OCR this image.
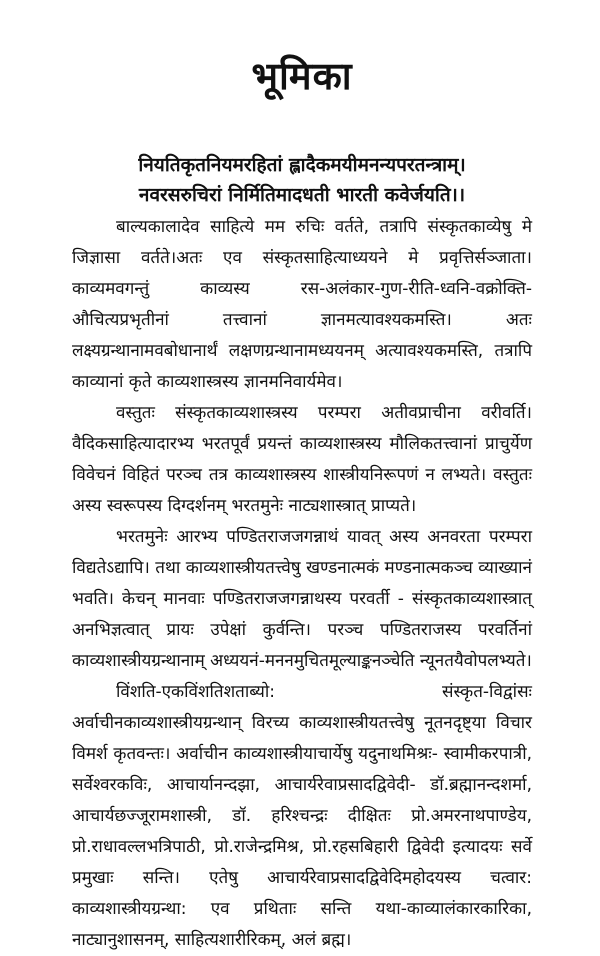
भूमिका
नियतिकृतनियमरहितां ह्लादैकमयीमनन्यपरतन्त्राम्।
नवरसरुचिरां निर्मितिमादधती भारती कवेर्जयति।।

बाल्यकालादेव साहित्ये मम रुचिः वर्तते, तत्रापि संस्कृतकाव्येषु मे जिज्ञासा वर्तते।अतः एव संस्कृतसाहित्याध्ययने मे प्रवृत्तिर्सञ्जाता। काव्यमवगन्तुं काव्यस्य रस-अलंकार-गुण-रीति-ध्वनि-वक्रोक्ति-औचित्यप्रभृतीनां तत्त्वानां ज्ञानमत्यावश्यकमस्ति। अतः लक्ष्यग्रन्थानामवबोधानार्थं लक्षणग्रन्थानामध्ययनम् अत्यावश्यकमस्ति, तत्रापि काव्यानां कृते काव्यशास्त्रस्य ज्ञानमनिवार्यमेव।

वस्तुतः संस्कृतकाव्यशास्त्रस्य परम्परा अतीवप्राचीना वरीवर्ति। वैदिकसाहित्यादारभ्य भरतपूर्वं प्रयन्तं काव्यशास्त्रस्य मौलिकतत्त्वानां प्राचुर्येण विवेचनं विहितं परञ्च तत्र काव्यशास्त्रस्य शास्त्रीयनिरूपणं न लभ्यते। वस्तुतः अस्य स्वरूपस्य दिग्दर्शनम् भरतमुनेः नाट्यशास्त्रात् प्राप्यते।

भरतमुनेः आरभ्य पण्डितराजजगन्नाथं यावत् अस्य अनवरता परम्परा विद्यतेऽद्यापि। तथा काव्यशास्त्रीयतत्त्वेषु खण्डनात्मकं मण्डनात्मकञ्च व्याख्यानं भवति। केचन् मानवाः पण्डितराजजगन्नाथस्य परवर्ती - संस्कृतकाव्यशास्त्रात् अनभिज्ञत्वात् प्रायः उपेक्षां कुर्वन्ति। परञ्च पण्डितराजस्य परवर्तिनां काव्यशास्त्रीयग्रन्थानाम् अध्ययनं-मननमुचितमूल्याङ्कनञ्चेति न्यूनतयैवोपलभ्यते।

विंशति-एकविंशतिशताब्यो: संस्कृत-विद्वांसः अर्वाचीनकाव्यशास्त्रीयग्रन्थान् विरच्य काव्यशास्त्रीयतत्त्वेषु नूतनदृष्ट्या विचार विमर्श कृतवन्तः। अर्वाचीन काव्यशास्त्रीयाचार्येषु यदुनाथमिश्रः- स्वामीकरपात्री, सर्वेश्वरकविः, आचार्यानन्दझा, आचार्यरेवाप्रसादद्विवेदी- डॉ.ब्रह्मानन्दशर्मा, आचार्यछज्जूरामशास्त्री, डॉ. हरिश्चन्द्रः दीक्षितः प्रो.अमरनाथपाण्डेय, प्रो.राधावल्लभत्रिपाठी, प्रो.राजेन्द्रमिश्र, प्रो.रहसबिहारी द्विवेदी इत्यादयः सर्वे प्रमुखाः सन्ति। एतेषु आचार्यरेवाप्रसादद्विवेदिमहोदयस्य चत्वार: काव्यशास्त्रीयग्रन्था: एव प्रथिताः सन्ति यथा-काव्यालंकारकारिका, नाट्यानुशासनम्, साहित्यशारीरिकम्, अलं ब्रह्म।
